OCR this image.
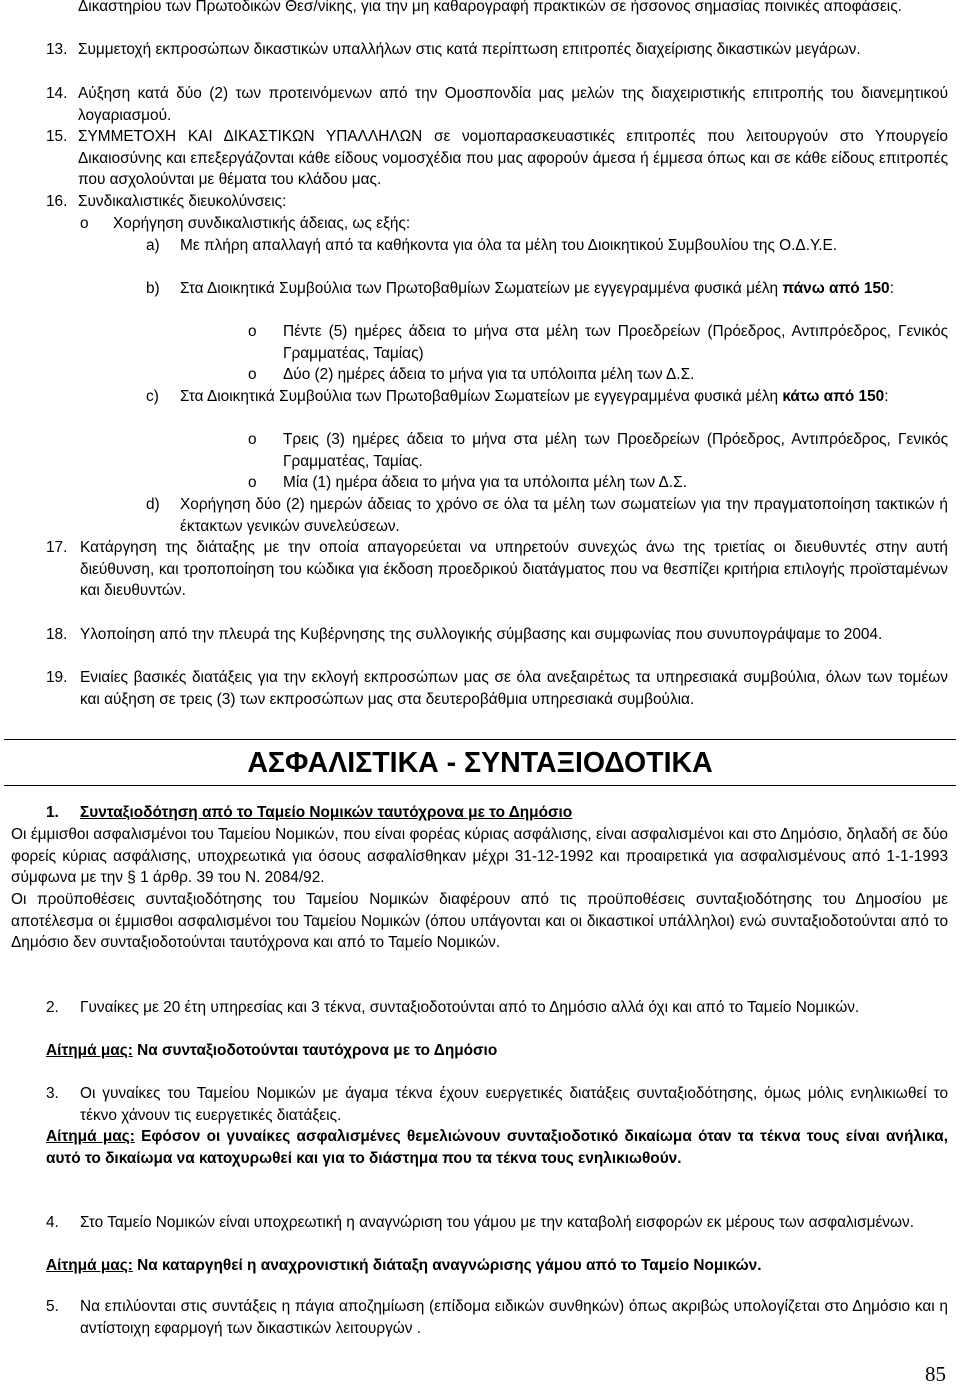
Δικαστηρίου των Πρωτοδικών Θεσ/νίκης, για την μη καθαρογραφή πρακτικών σε ήσσονος σημασίας ποινικές αποφάσεις.

13. Συμμετοχή εκπροσώπων δικαστικών υπαλλήλων στις κατά περίπτωση επιτροπές διαχείρισης δικαστικών μεγάρων.

14. Αύξηση κατά δύο (2) των προτεινόμενων από την Ομοσπονδία μας μελών της διαχειριστικής επιτροπής του διανεμητικού λογαριασμού.

15. ΣΥΜΜΕΤΟΧΗ ΚΑΙ ΔΙΚΑΣΤΙΚΩΝ ΥΠΑΛΛΗΛΩΝ σε νομοπαρασκευαστικές επιτροπές που λειτουργούν στο Υπουργείο Δικαιοσύνης και επεξεργάζονται κάθε είδους νομοσχέδια που μας αφορούν άμεσα ή έμμεσα όπως και σε κάθε είδους επιτροπές που ασχολούνται με θέματα του κλάδου μας.

16. Συνδικαλιστικές διευκολύνσεις:

o Χορήγηση συνδικαλιστικής άδειας, ως εξής:

a) Με πλήρη απαλλαγή από τα καθήκοντα για όλα τα μέλη του Διοικητικού Συμβουλίου της Ο.Δ.Υ.Ε.

b) Στα Διοικητικά Συμβούλια των Πρωτοβαθμίων Σωματείων με εγγεγραμμένα φυσικά μέλη πάνω από 150:

o Πέντε (5) ημέρες άδεια το μήνα στα μέλη των Προεδρείων (Πρόεδρος, Αντιπρόεδρος, Γενικός Γραμματέας, Ταμίας)

o Δύο (2) ημέρες άδεια το μήνα για τα υπόλοιπα μέλη των Δ.Σ.

c) Στα Διοικητικά Συμβούλια των Πρωτοβαθμίων Σωματείων με εγγεγραμμένα φυσικά μέλη κάτω από 150:

o Τρεις (3) ημέρες άδεια το μήνα στα μέλη των Προεδρείων (Πρόεδρος, Αντιπρόεδρος, Γενικός Γραμματέας, Ταμίας.

o Μία (1) ημέρα άδεια το μήνα για τα υπόλοιπα μέλη των Δ.Σ.

d) Χορήγηση δύο (2) ημερών άδειας το χρόνο σε όλα τα μέλη των σωματείων για την πραγματοποίηση τακτικών ή έκτακτων γενικών συνελεύσεων.

17. Κατάργηση της διάταξης με την οποία απαγορεύεται να υπηρετούν συνεχώς άνω της τριετίας οι διευθυντές στην αυτή διεύθυνση, και τροποποίηση του κώδικα για έκδοση προεδρικού διατάγματος που να θεσπίζει κριτήρια επιλογής προϊσταμένων και διευθυντών.

18. Υλοποίηση από την πλευρά της Κυβέρνησης της συλλογικής σύμβασης και συμφωνίας που συνυπογράψαμε το 2004.

19. Ενιαίες βασικές διατάξεις για την εκλογή εκπροσώπων μας σε όλα ανεξαιρέτως τα υπηρεσιακά συμβούλια, όλων των τομέων και αύξηση σε τρεις (3) των εκπροσώπων μας στα δευτεροβάθμια υπηρεσιακά συμβούλια.

ΑΣΦΑΛΙΣΤΙΚΑ - ΣΥΝΤΑΞΙΟΔΟΤΙΚΑ
1. Συνταξιοδότηση από το Ταμείο Νομικών ταυτόχρονα με το Δημόσιο

Οι έμμισθοι ασφαλισμένοι του Ταμείου Νομικών, που είναι φορέας κύριας ασφάλισης, είναι ασφαλισμένοι και στο Δημόσιο, δηλαδή σε δύο φορείς κύριας ασφάλισης, υποχρεωτικά για όσους ασφαλίσθηκαν μέχρι 31-12-1992 και προαιρετικά για ασφαλισμένους από 1-1-1993 σύμφωνα με την § 1 άρθρ. 39 του Ν. 2084/92.

Οι προϋποθέσεις συνταξιοδότησης του Ταμείου Νομικών διαφέρουν από τις προϋποθέσεις συνταξιοδότησης του Δημοσίου με αποτέλεσμα οι έμμισθοι ασφαλισμένοι του Ταμείου Νομικών (όπου υπάγονται και οι δικαστικοί υπάλληλοι) ενώ συνταξιοδοτούνται από το Δημόσιο δεν συνταξιοδοτούνται ταυτόχρονα και από το Ταμείο Νομικών.

2. Γυναίκες με 20 έτη υπηρεσίας και 3 τέκνα, συνταξιοδοτούνται από το Δημόσιο αλλά όχι και από το Ταμείο Νομικών.

Αίτημά μας: Να συνταξιοδοτούνται ταυτόχρονα με το Δημόσιο

3. Οι γυναίκες του Ταμείου Νομικών με άγαμα τέκνα έχουν ευεργετικές διατάξεις συνταξιοδότησης, όμως μόλις ενηλικιωθεί το τέκνο χάνουν τις ευεργετικές διατάξεις.

Αίτημά μας: Εφόσον οι γυναίκες ασφαλισμένες θεμελιώνουν συνταξιοδοτικό δικαίωμα όταν τα τέκνα τους είναι ανήλικα, αυτό το δικαίωμα να κατοχυρωθεί και για το διάστημα που τα τέκνα τους ενηλικιωθούν.

4. Στο Ταμείο Νομικών είναι υποχρεωτική η αναγνώριση του γάμου με την καταβολή εισφορών εκ μέρους των ασφαλισμένων.

Αίτημά μας: Να καταργηθεί η αναχρονιστική διάταξη αναγνώρισης γάμου από το Ταμείο Νομικών.

5. Να επιλύονται στις συντάξεις η πάγια αποζημίωση (επίδομα ειδικών συνθηκών) όπως ακριβώς υπολογίζεται στο Δημόσιο και η αντίστοιχη εφαρμογή των δικαστικών λειτουργών .

85
